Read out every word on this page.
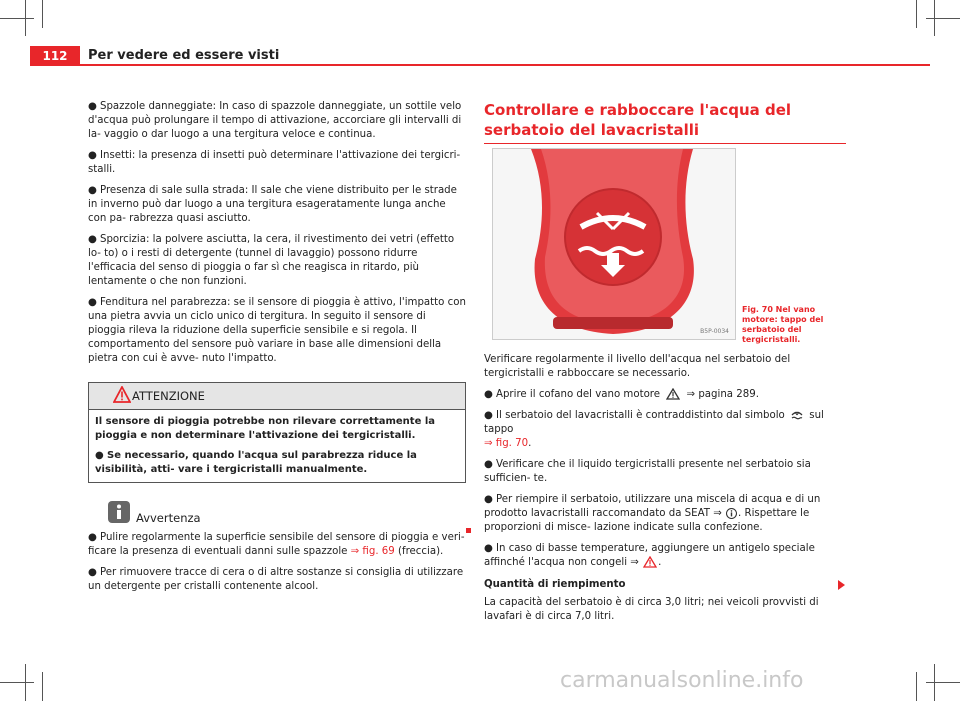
112	Per vedere ed essere visti
● Spazzole danneggiate: In caso di spazzole danneggiate, un sottile velo d'acqua può prolungare il tempo di attivazione, accorciare gli intervalli di la- vaggio o dar luogo a una tergitura veloce e continua.
● Insetti: la presenza di insetti può determinare l'attivazione dei tergicri- stalli.
● Presenza di sale sulla strada: Il sale che viene distribuito per le strade in inverno può dar luogo a una tergitura esageratamente lunga anche con pa- rabrezza quasi asciutto.
● Sporcizia: la polvere asciutta, la cera, il rivestimento dei vetri (effetto lo- to) o i resti di detergente (tunnel di lavaggio) possono ridurre l'efficacia del senso di pioggia o far sì che reagisca in ritardo, più lentamente o che non funzioni.
● Fenditura nel parabrezza: se il sensore di pioggia è attivo, l'impatto con una pietra avvia un ciclo unico di tergitura. In seguito il sensore di pioggia rileva la riduzione della superficie sensibile e si regola. Il comportamento del sensore può variare in base alle dimensioni della pietra con cui è avve- nuto l'impatto.
ATTENZIONE
Il sensore di pioggia potrebbe non rilevare correttamente la pioggia e non determinare l'attivazione dei tergicristalli.
● Se necessario, quando l'acqua sul parabrezza riduce la visibilità, atti- vare i tergicristalli manualmente.
Avvertenza
● Pulire regolarmente la superficie sensibile del sensore di pioggia e veri- ficare la presenza di eventuali danni sulle spazzole ⇒ fig. 69 (freccia).
● Per rimuovere tracce di cera o di altre sostanze si consiglia di utilizzare un detergente per cristalli contenente alcool.
Controllare e rabboccare l'acqua del serbatoio del lavacristalli
B5P-0034
Fig. 70 Nel vano motore: tappo del serbatoio del tergicristalli.
Verificare regolarmente il livello dell'acqua nel serbatoio del tergicristalli e rabboccare se necessario.
● Aprire il cofano del vano motore	⇒ pagina 289.
● Il serbatoio del lavacristalli è contraddistinto dal simbolo sul tappo
⇒ fig. 70.
● Verificare che il liquido tergicristalli presente nel serbatoio sia sufficien- te.
● Per riempire il serbatoio, utilizzare una miscela di acqua e di un prodotto lavacristalli raccomandato da SEAT ⇒ . Rispettare le proporzioni di misce- lazione indicate sulla confezione.
● In caso di basse temperature, aggiungere un antigelo speciale affinché l'acqua non congeli ⇒ .
Quantità di riempimento
La capacità del serbatoio è di circa 3,0 litri; nei veicoli provvisti di lavafari è di circa 7,0 litri.
carmanualsonline.info
